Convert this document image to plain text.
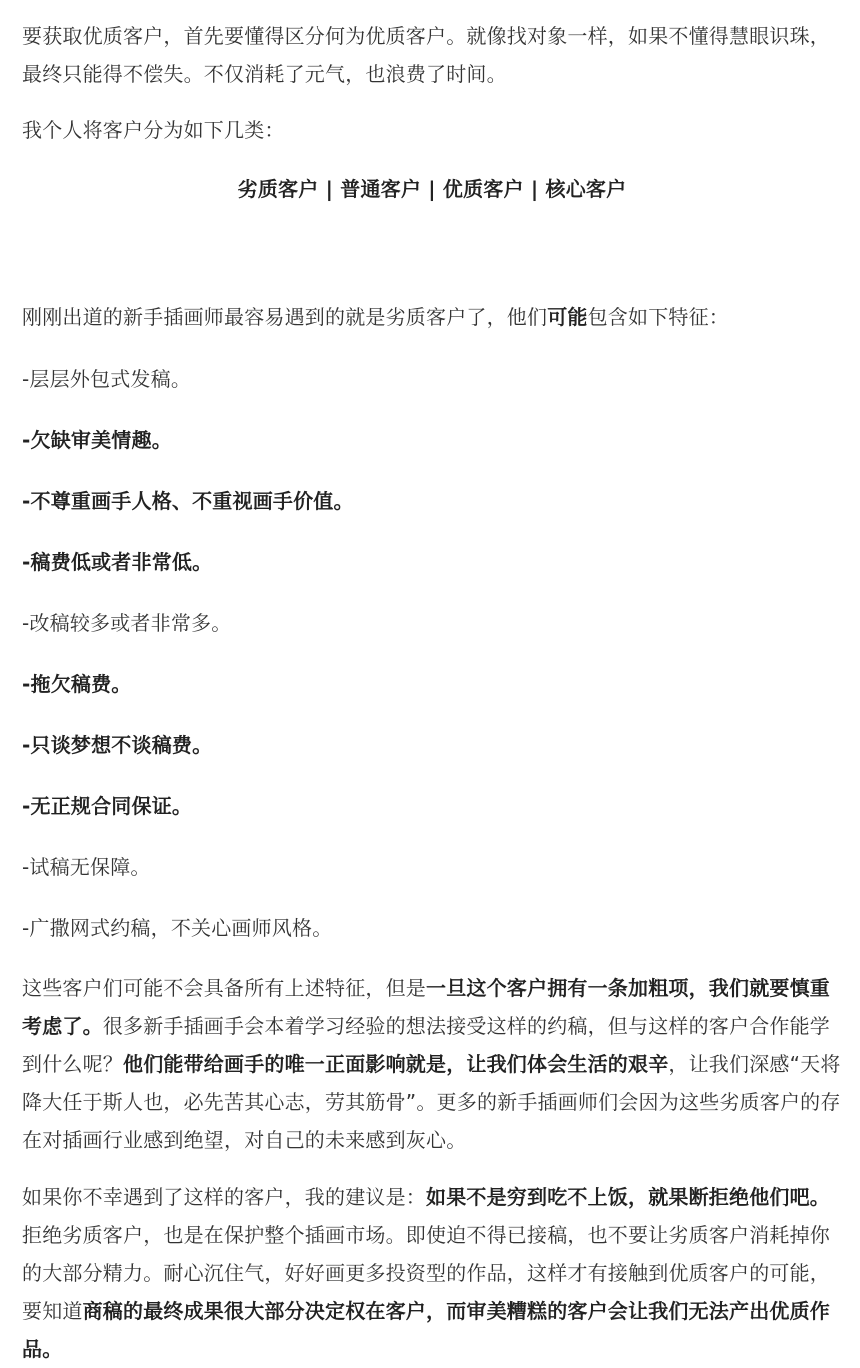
要获取优质客户，首先要懂得区分何为优质客户。就像找对象一样，如果不懂得慧眼识珠，最终只能得不偿失。不仅消耗了元气，也浪费了时间。

我个人将客户分为如下几类：

劣质客户 | 普通客户 | 优质客户 | 核心客户

刚刚出道的新手插画师最容易遇到的就是劣质客户了，他们可能包含如下特征：

-层层外包式发稿。

-欠缺审美情趣。

-不尊重画手人格、不重视画手价值。

-稿费低或者非常低。

-改稿较多或者非常多。

-拖欠稿费。

-只谈梦想不谈稿费。

-无正规合同保证。

-试稿无保障。

-广撒网式约稿，不关心画师风格。

这些客户们可能不会具备所有上述特征，但是一旦这个客户拥有一条加粗项，我们就要慎重考虑了。很多新手插画手会本着学习经验的想法接受这样的约稿，但与这样的客户合作能学到什么呢？他们能带给画手的唯一正面影响就是，让我们体会生活的艰辛，让我们深感“天将降大任于斯人也，必先苦其心志，劳其筋骨”。更多的新手插画师们会因为这些劣质客户的存在对插画行业感到绝望，对自己的未来感到灰心。

如果你不幸遇到了这样的客户，我的建议是：如果不是穷到吃不上饭，就果断拒绝他们吧。拒绝劣质客户，也是在保护整个插画市场。即使迫不得已接稿，也不要让劣质客户消耗掉你的大部分精力。耐心沉住气，好好画更多投资型的作品，这样才有接触到优质客户的可能，要知道商稿的最终成果很大部分决定权在客户，而审美糟糕的客户会让我们无法产出优质作品。
